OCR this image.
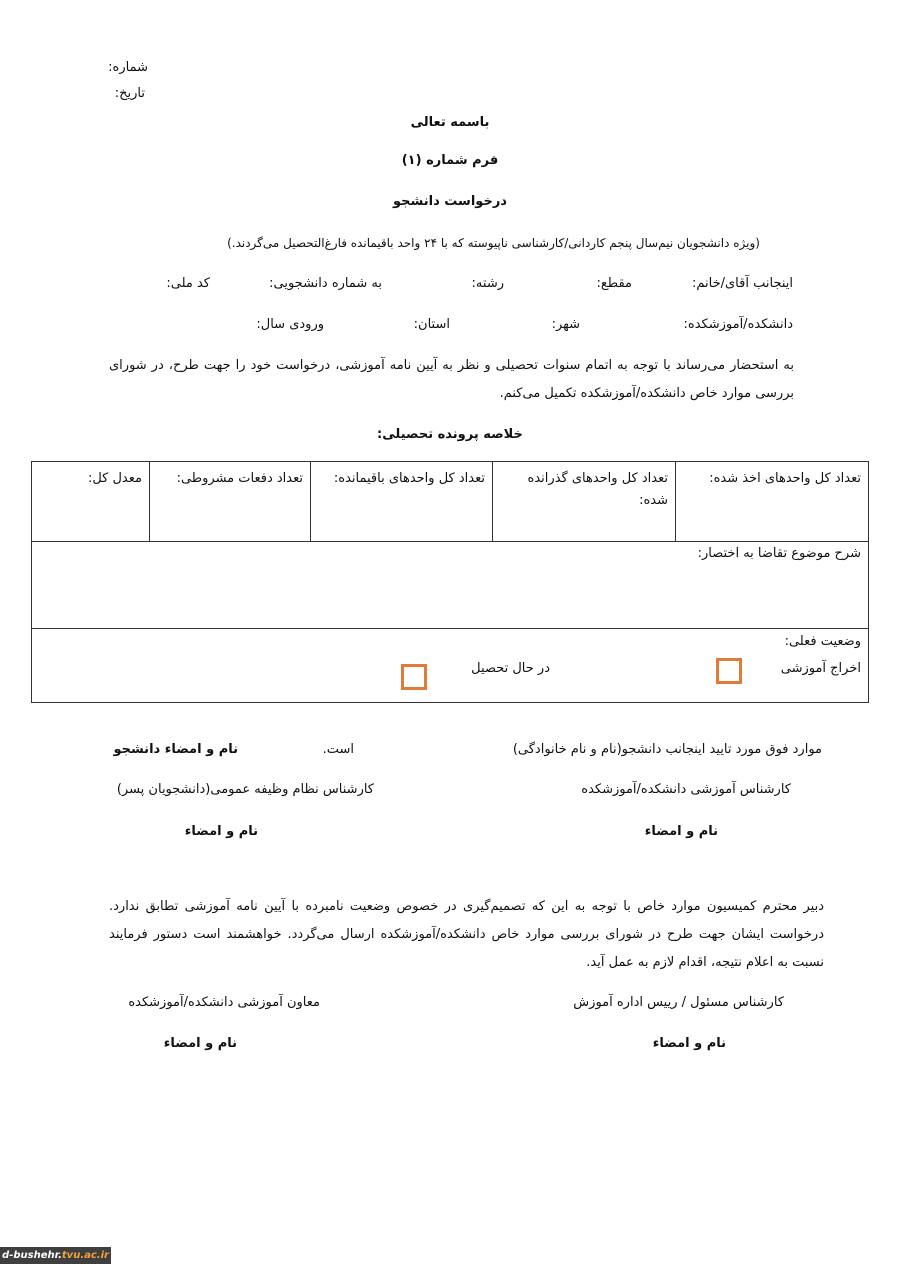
شماره:
تاریخ:
باسمه تعالی
فرم شماره (۱)
درخواست دانشجو
(ویژه دانشجویان نیم‌سال پنجم کاردانی/کارشناسی ناپیوسته که با ۲۴ واحد باقیمانده فارغ‌التحصیل می‌گردند.)
اینجانب آقای/خانم:
مقطع:
رشته:
به شماره دانشجویی:
کد ملی:
دانشکده/آموزشکده:
شهر:
استان:
ورودی سال:
به استحضار می‌رساند با توجه به اتمام سنوات تحصیلی و نظر به آیین نامه آموزشی، درخواست خود را جهت طرح، در شورای بررسی موارد خاص دانشکده/آموزشکده تکمیل می‌کنم.
خلاصه پرونده تحصیلی:
تعداد کل واحدهای اخذ شده:	تعداد کل واحدهای گذرانده شده:	تعداد کل واحدهای باقیمانده:	تعداد دفعات مشروطی:	معدل کل:
شرح موضوع تقاضا به اختصار:
وضعیت فعلی:
اخراج آموزشی
در حال تحصیل
موارد فوق مورد تایید اینجانب دانشجو(نام و نام خانوادگی)
است.
نام و امضاء دانشجو
کارشناس آموزشی دانشکده/آموزشکده
کارشناس نظام وظیفه عمومی(دانشجویان پسر)
نام و امضاء
نام و امضاء
دبیر محترم کمیسیون موارد خاص با توجه به این که تصمیم‌گیری در خصوص وضعیت نامبرده با آیین نامه آموزشی تطابق ندارد. درخواست ایشان جهت طرح در شورای بررسی موارد خاص دانشکده/آموزشکده ارسال می‌گردد. خواهشمند است دستور فرمایند نسبت به اعلام نتیجه، اقدام لازم به عمل آید.
کارشناس مسئول / رییس اداره آموزش
معاون آموزشی دانشکده/آموزشکده
نام و امضاء
نام و امضاء
d-bushehr.tvu.ac.ir
